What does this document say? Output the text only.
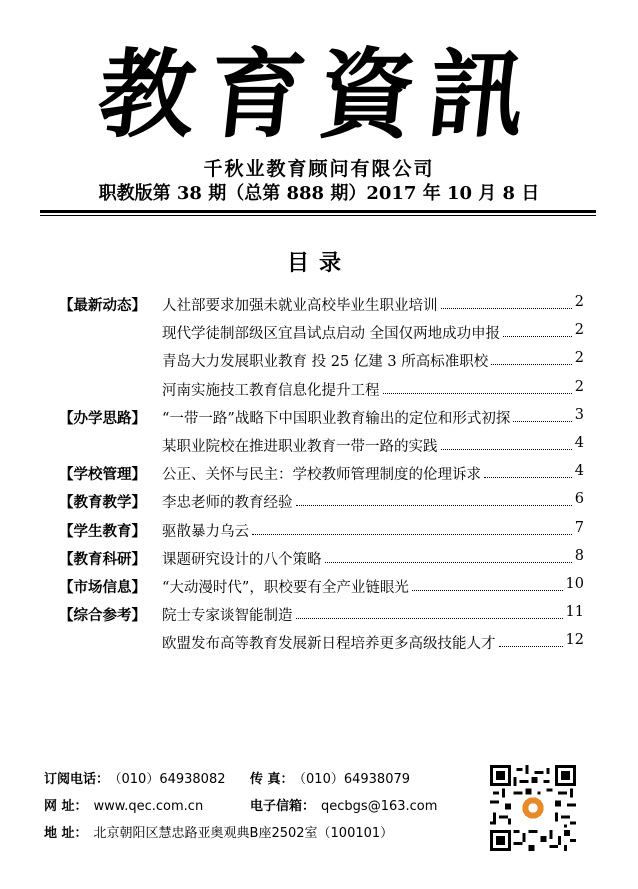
教育資訊
千秋业教育顾问有限公司
职教版第 38 期（总第 888 期）2017 年 10 月 8 日
目录
【最新动态】	人社部要求加强未就业高校毕业生职业培训	2
现代学徒制部级区宜昌试点启动 全国仅两地成功申报	2
青岛大力发展职业教育 投 25 亿建 3 所高标准职校	2
河南实施技工教育信息化提升工程	2
【办学思路】	“一带一路”战略下中国职业教育输出的定位和形式初探	3
某职业院校在推进职业教育一带一路的实践	4
【学校管理】	公正、关怀与民主：学校教师管理制度的伦理诉求	4
【教育教学】	李忠老师的教育经验	6
【学生教育】	驱散暴力乌云	7
【教育科研】	课题研究设计的八个策略	8
【市场信息】	“大动漫时代”，职校要有全产业链眼光	10
【综合参考】	院士专家谈智能制造	11
欧盟发布高等教育发展新日程培养更多高级技能人才	12
订阅电话： （010）64938082 传 真： （010）64938079
网 址： www.qec.com.cn	电子信箱： qecbgs@163.com
地 址： 北京朝阳区慧忠路亚奥观典B座2502室（100101）
